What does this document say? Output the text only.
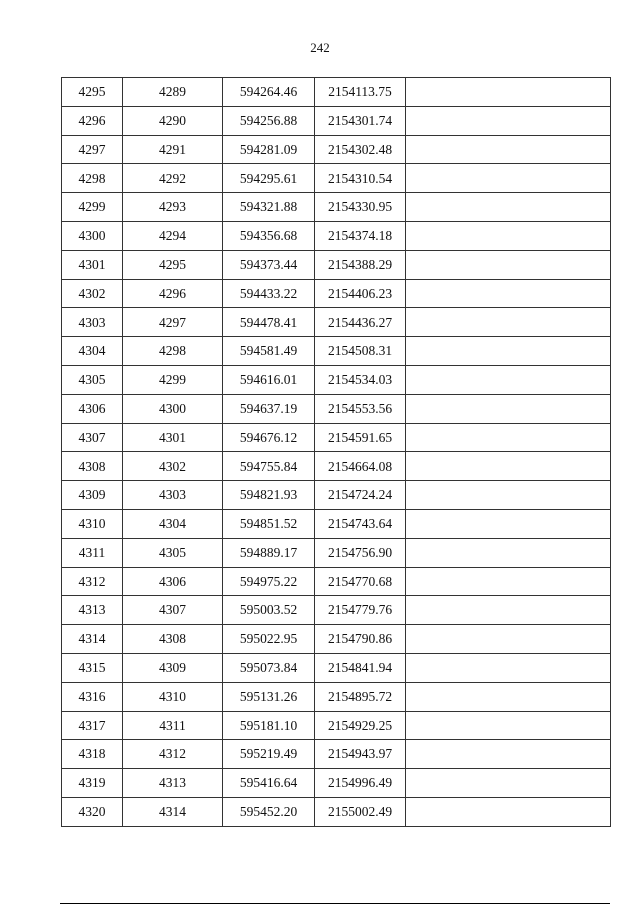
242
4295	4289	594264.46	2154113.75	
4296	4290	594256.88	2154301.74	
4297	4291	594281.09	2154302.48	
4298	4292	594295.61	2154310.54	
4299	4293	594321.88	2154330.95	
4300	4294	594356.68	2154374.18	
4301	4295	594373.44	2154388.29	
4302	4296	594433.22	2154406.23	
4303	4297	594478.41	2154436.27	
4304	4298	594581.49	2154508.31	
4305	4299	594616.01	2154534.03	
4306	4300	594637.19	2154553.56	
4307	4301	594676.12	2154591.65	
4308	4302	594755.84	2154664.08	
4309	4303	594821.93	2154724.24	
4310	4304	594851.52	2154743.64	
4311	4305	594889.17	2154756.90	
4312	4306	594975.22	2154770.68	
4313	4307	595003.52	2154779.76	
4314	4308	595022.95	2154790.86	
4315	4309	595073.84	2154841.94	
4316	4310	595131.26	2154895.72	
4317	4311	595181.10	2154929.25	
4318	4312	595219.49	2154943.97	
4319	4313	595416.64	2154996.49	
4320	4314	595452.20	2155002.49	
